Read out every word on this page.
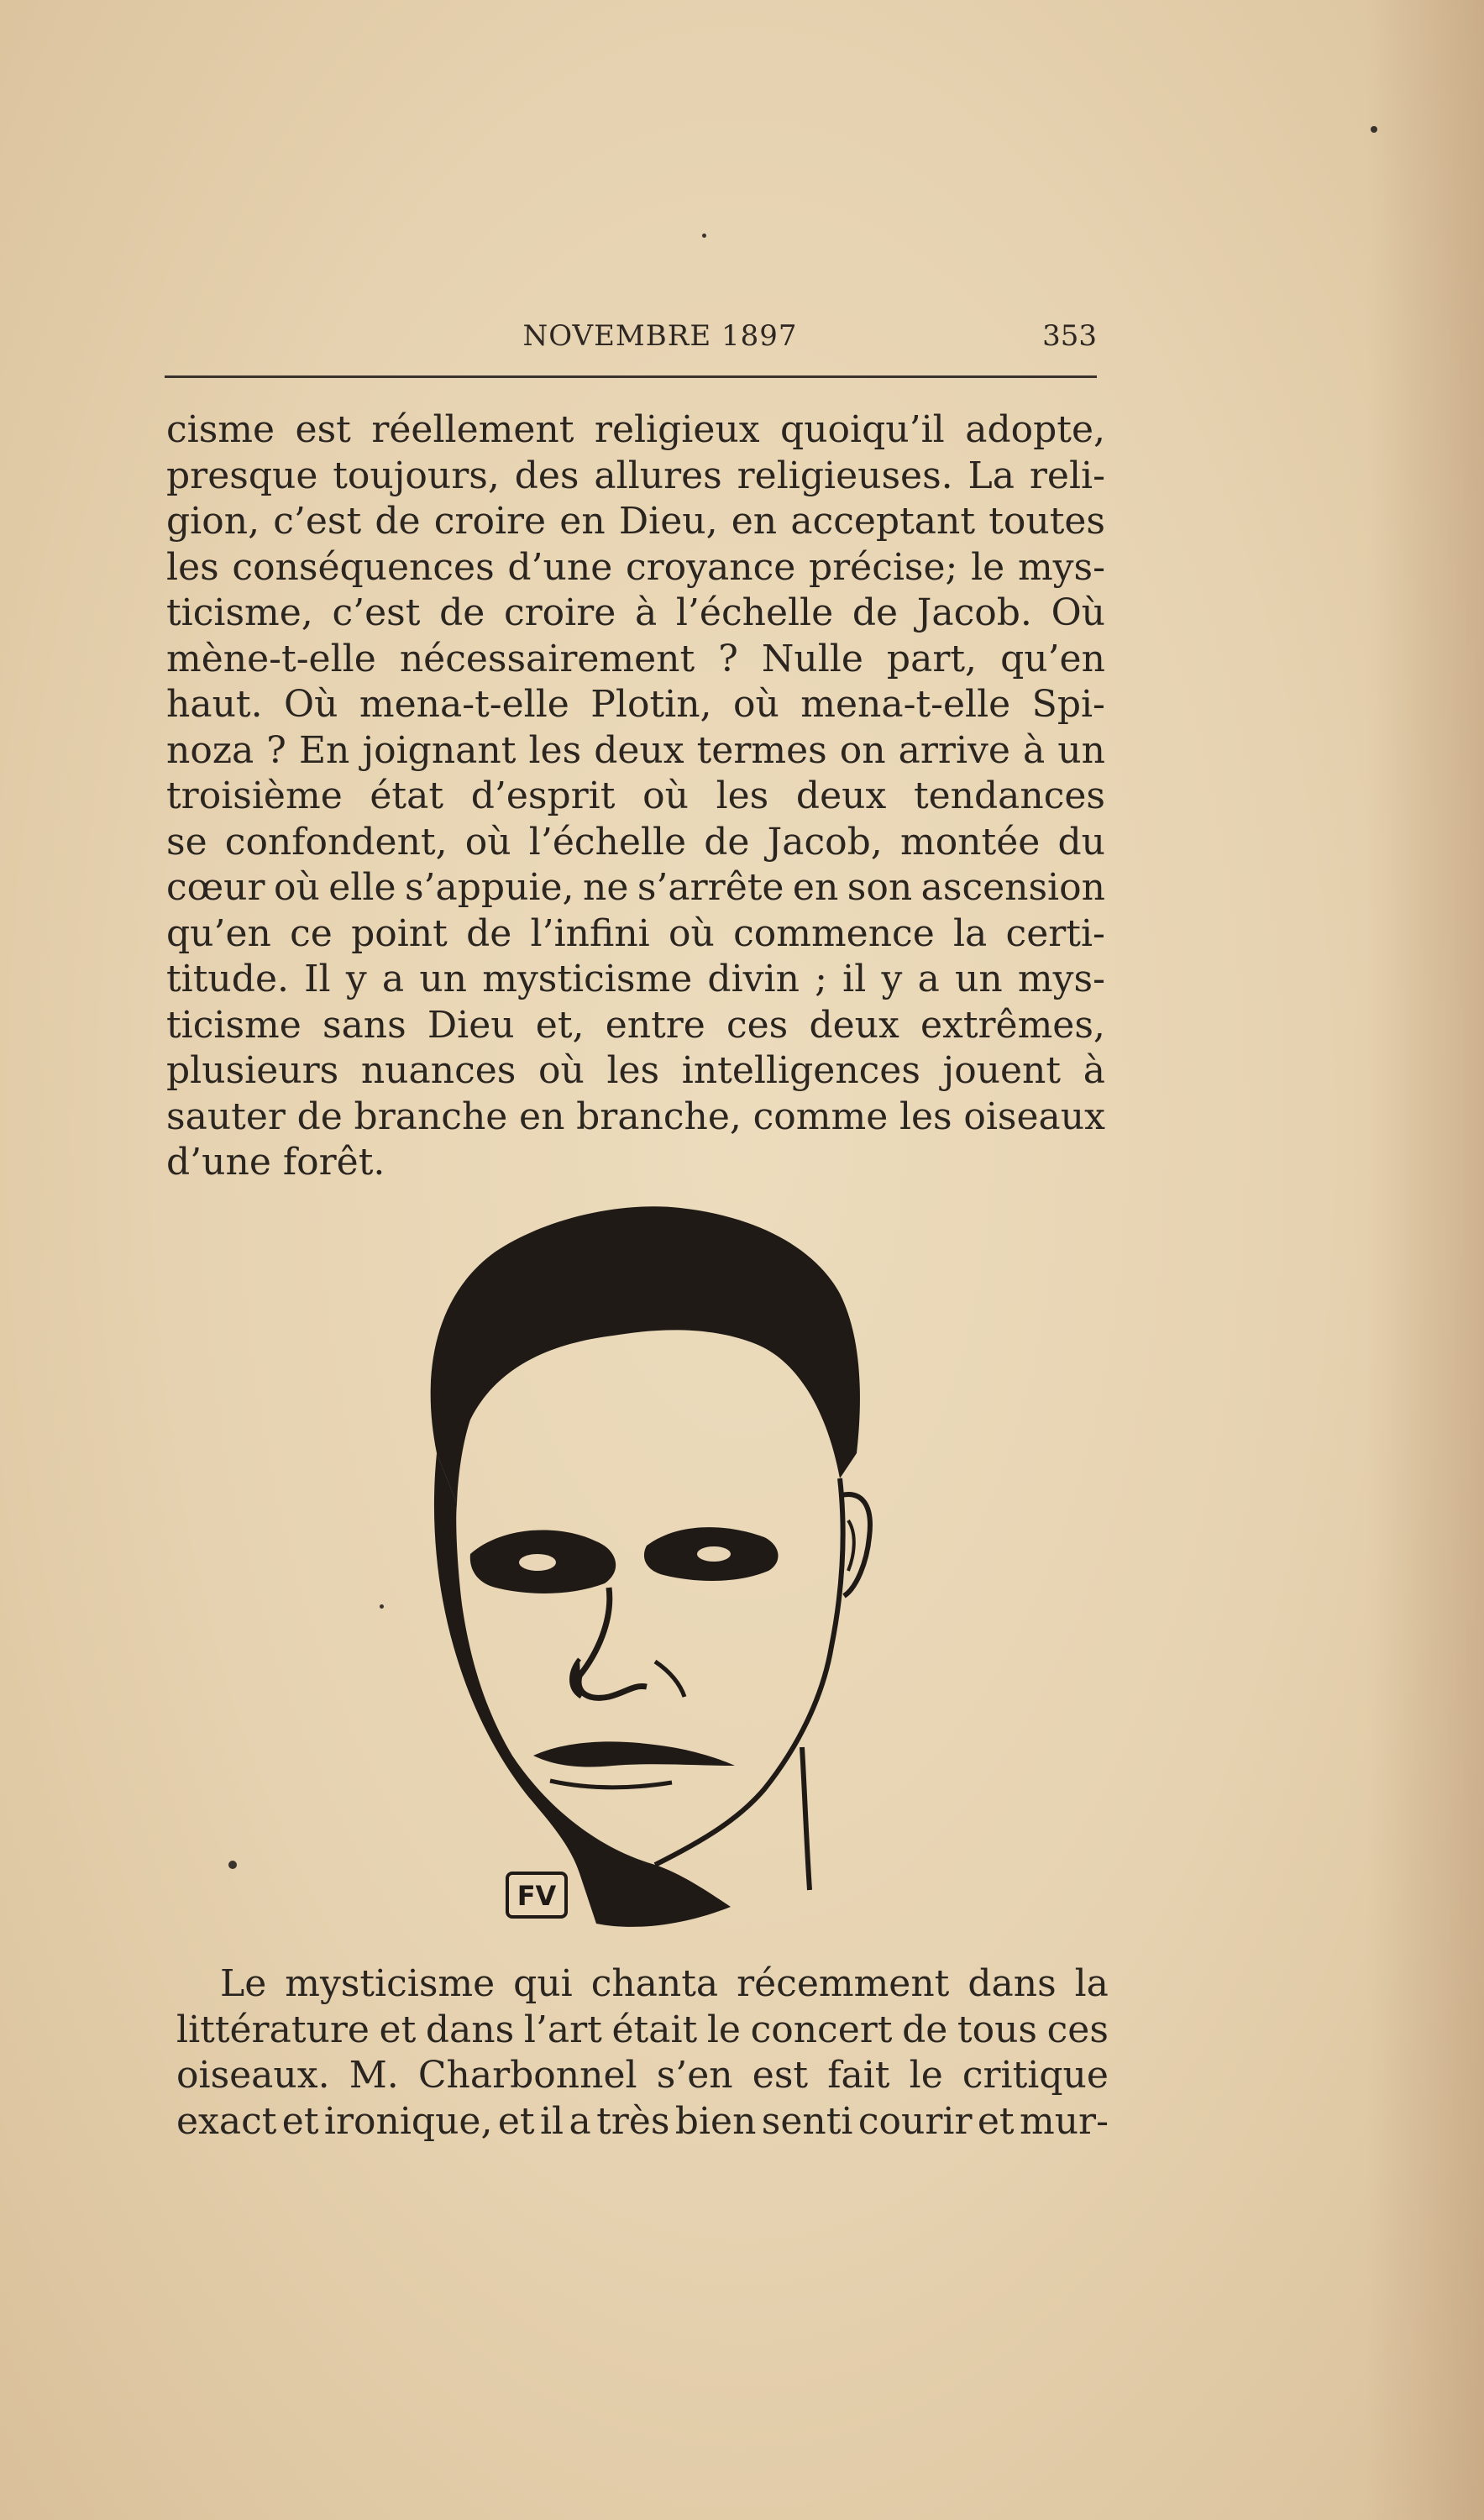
NOVEMBRE 1897	353
cisme est réellement religieux quoiqu’il adopte,
presque toujours, des allures religieuses. La reli-
gion, c’est de croire en Dieu, en acceptant toutes
les conséquences d’une croyance précise; le mys-
ticisme, c’est de croire à l’échelle de Jacob. Où
mène-t-elle nécessairement ? Nulle part, qu’en
haut. Où mena-t-elle Plotin, où mena-t-elle Spi-
noza ? En joignant les deux termes on arrive à un
troisième état d’esprit où les deux tendances
se confondent, où l’échelle de Jacob, montée du
cœur où elle s’appuie, ne s’arrête en son ascension
qu’en ce point de l’infini où commence la certi-
titude. Il y a un mysticisme divin ; il y a un mys-
ticisme sans Dieu et, entre ces deux extrêmes,
plusieurs nuances où les intelligences jouent à
sauter de branche en branche, comme les oiseaux
d’une forêt.
FV
Le mysticisme qui chanta récemment dans la
littérature et dans l’art était le concert de tous ces
oiseaux. M. Charbonnel s’en est fait le critique
exact et ironique, et il a très bien senti courir et mur-
